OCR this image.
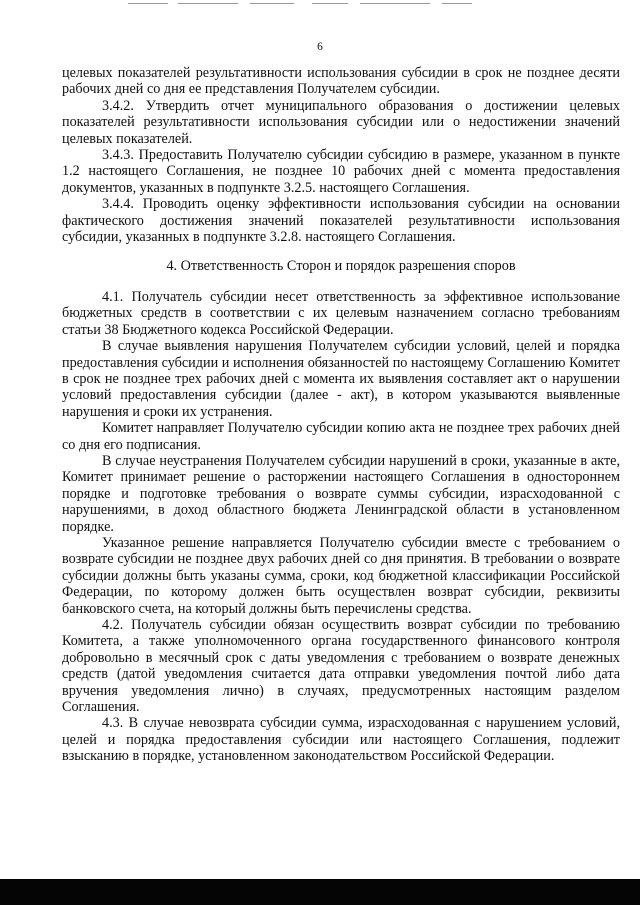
6

целевых показателей результативности использования субсидии в срок не позднее десяти рабочих дней со дня ее представления Получателем субсидии.

3.4.2. Утвердить отчет муниципального образования о достижении целевых показателей результативности использования субсидии или о недостижении значений целевых показателей.

3.4.3. Предоставить Получателю субсидии субсидию в размере, указанном в пункте 1.2 настоящего Соглашения, не позднее 10 рабочих дней с момента предоставления документов, указанных в подпункте 3.2.5. настоящего Соглашения.

3.4.4. Проводить оценку эффективности использования субсидии на основании фактического достижения значений показателей результативности использования субсидии, указанных в подпункте 3.2.8. настоящего Соглашения.

4. Ответственность Сторон и порядок разрешения споров

4.1. Получатель субсидии несет ответственность за эффективное использование бюджетных средств в соответствии с их целевым назначением согласно требованиям статьи 38 Бюджетного кодекса Российской Федерации.

В случае выявления нарушения Получателем субсидии условий, целей и порядка предоставления субсидии и исполнения обязанностей по настоящему Соглашению Комитет в срок не позднее трех рабочих дней с момента их выявления составляет акт о нарушении условий предоставления субсидии (далее - акт), в котором указываются выявленные нарушения и сроки их устранения.

Комитет направляет Получателю субсидии копию акта не позднее трех рабочих дней со дня его подписания.

В случае неустранения Получателем субсидии нарушений в сроки, указанные в акте, Комитет принимает решение о расторжении настоящего Соглашения в одностороннем порядке и подготовке требования о возврате суммы субсидии, израсходованной с нарушениями, в доход областного бюджета Ленинградской области в установленном порядке.

Указанное решение направляется Получателю субсидии вместе с требованием о возврате субсидии не позднее двух рабочих дней со дня принятия. В требовании о возврате субсидии должны быть указаны сумма, сроки, код бюджетной классификации Российской Федерации, по которому должен быть осуществлен возврат субсидии, реквизиты банковского счета, на который должны быть перечислены средства.

4.2. Получатель субсидии обязан осуществить возврат субсидии по требованию Комитета, а также уполномоченного органа государственного финансового контроля добровольно в месячный срок с даты уведомления с требованием о возврате денежных средств (датой уведомления считается дата отправки уведомления почтой либо дата вручения уведомления лично) в случаях, предусмотренных настоящим разделом Соглашения.

4.3. В случае невозврата субсидии сумма, израсходованная с нарушением условий, целей и порядка предоставления субсидии или настоящего Соглашения, подлежит взысканию в порядке, установленном законодательством Российской Федерации.
